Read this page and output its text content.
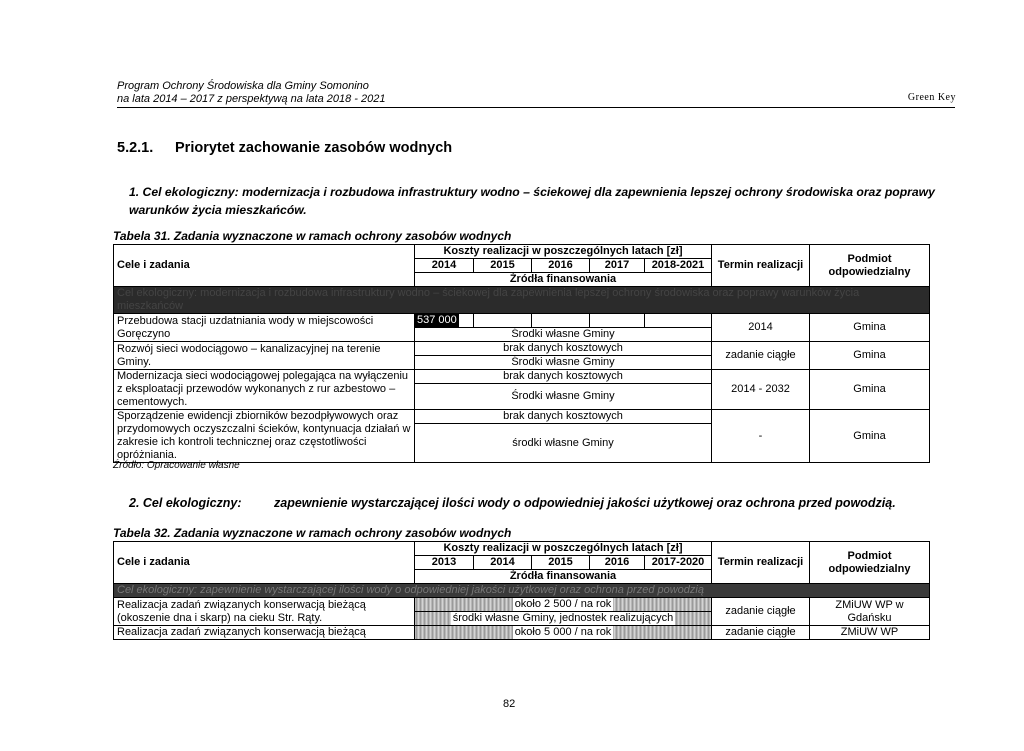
Program Ochrony Środowiska dla Gminy Somonino
na lata 2014 – 2017 z perspektywą na lata 2018 - 2021	Green Key
5.2.1. Priorytet zachowanie zasobów wodnych
1. Cel ekologiczny: modernizacja i rozbudowa infrastruktury wodno – ściekowej dla zapewnienia lepszej ochrony środowiska oraz poprawy warunków życia mieszkańców.
Tabela 31. Zadania wyznaczone w ramach ochrony zasobów wodnych
Cele i zadania	Koszty realizacji w poszczególnych latach [zł]					Termin realizacji	Podmiot odpowiedzialny
	2014	2015	2016	2017	2018-2021		
	Źródła finansowania						
Cel ekologiczny: modernizacja i rozbudowa infrastruktury wodno – ściekowej dla zapewnienia lepszej ochrony środowiska oraz poprawy warunków życia mieszkańców							
Przebudowa stacji uzdatniania wody w miejscowości Goręczyno	537 000					2014	Gmina
	Środki własne Gminy						
Rozwój sieci wodociągowo – kanalizacyjnej na terenie Gminy.	brak danych kosztowych					zadanie ciągłe	Gmina
	Środki własne Gminy						
Modernizacja sieci wodociągowej polegająca na wyłączeniu z eksploatacji przewodów wykonanych z rur azbestowo – cementowych.	brak danych kosztowych					2014 - 2032	Gmina
	Środki własne Gminy						
Sporządzenie ewidencji zbiorników bezodpływowych oraz przydomowych oczyszczalni ścieków, kontynuacja działań w zakresie ich kontroli technicznej oraz częstotliwości opróżniania.	brak danych kosztowych					-	Gmina
	środki własne Gminy						
Źródło: Opracowanie własne
2. Cel ekologiczny:	zapewnienie wystarczającej ilości wody o odpowiedniej jakości użytkowej oraz ochrona przed powodzią.
Tabela 32. Zadania wyznaczone w ramach ochrony zasobów wodnych
Cele i zadania	Koszty realizacji w poszczególnych latach [zł]					Termin realizacji	Podmiot odpowiedzialny
	2013	2014	2015	2016	2017-2020		
	Źródła finansowania						
Cel ekologiczny: zapewnienie wystarczającej ilości wody o odpowiedniej jakości użytkowej oraz ochrona przed powodzią							
Realizacja zadań związanych konserwacją bieżącą (okoszenie dna i skarp) na cieku Str. Rąty.	około 2 500 / na rok					zadanie ciągłe	ZMiUW WP w Gdańsku
	środki własne Gminy, jednostek realizujących						
Realizacja zadań związanych konserwacją bieżącą	około 5 000 / na rok					zadanie ciągłe	ZMiUW WP
82
